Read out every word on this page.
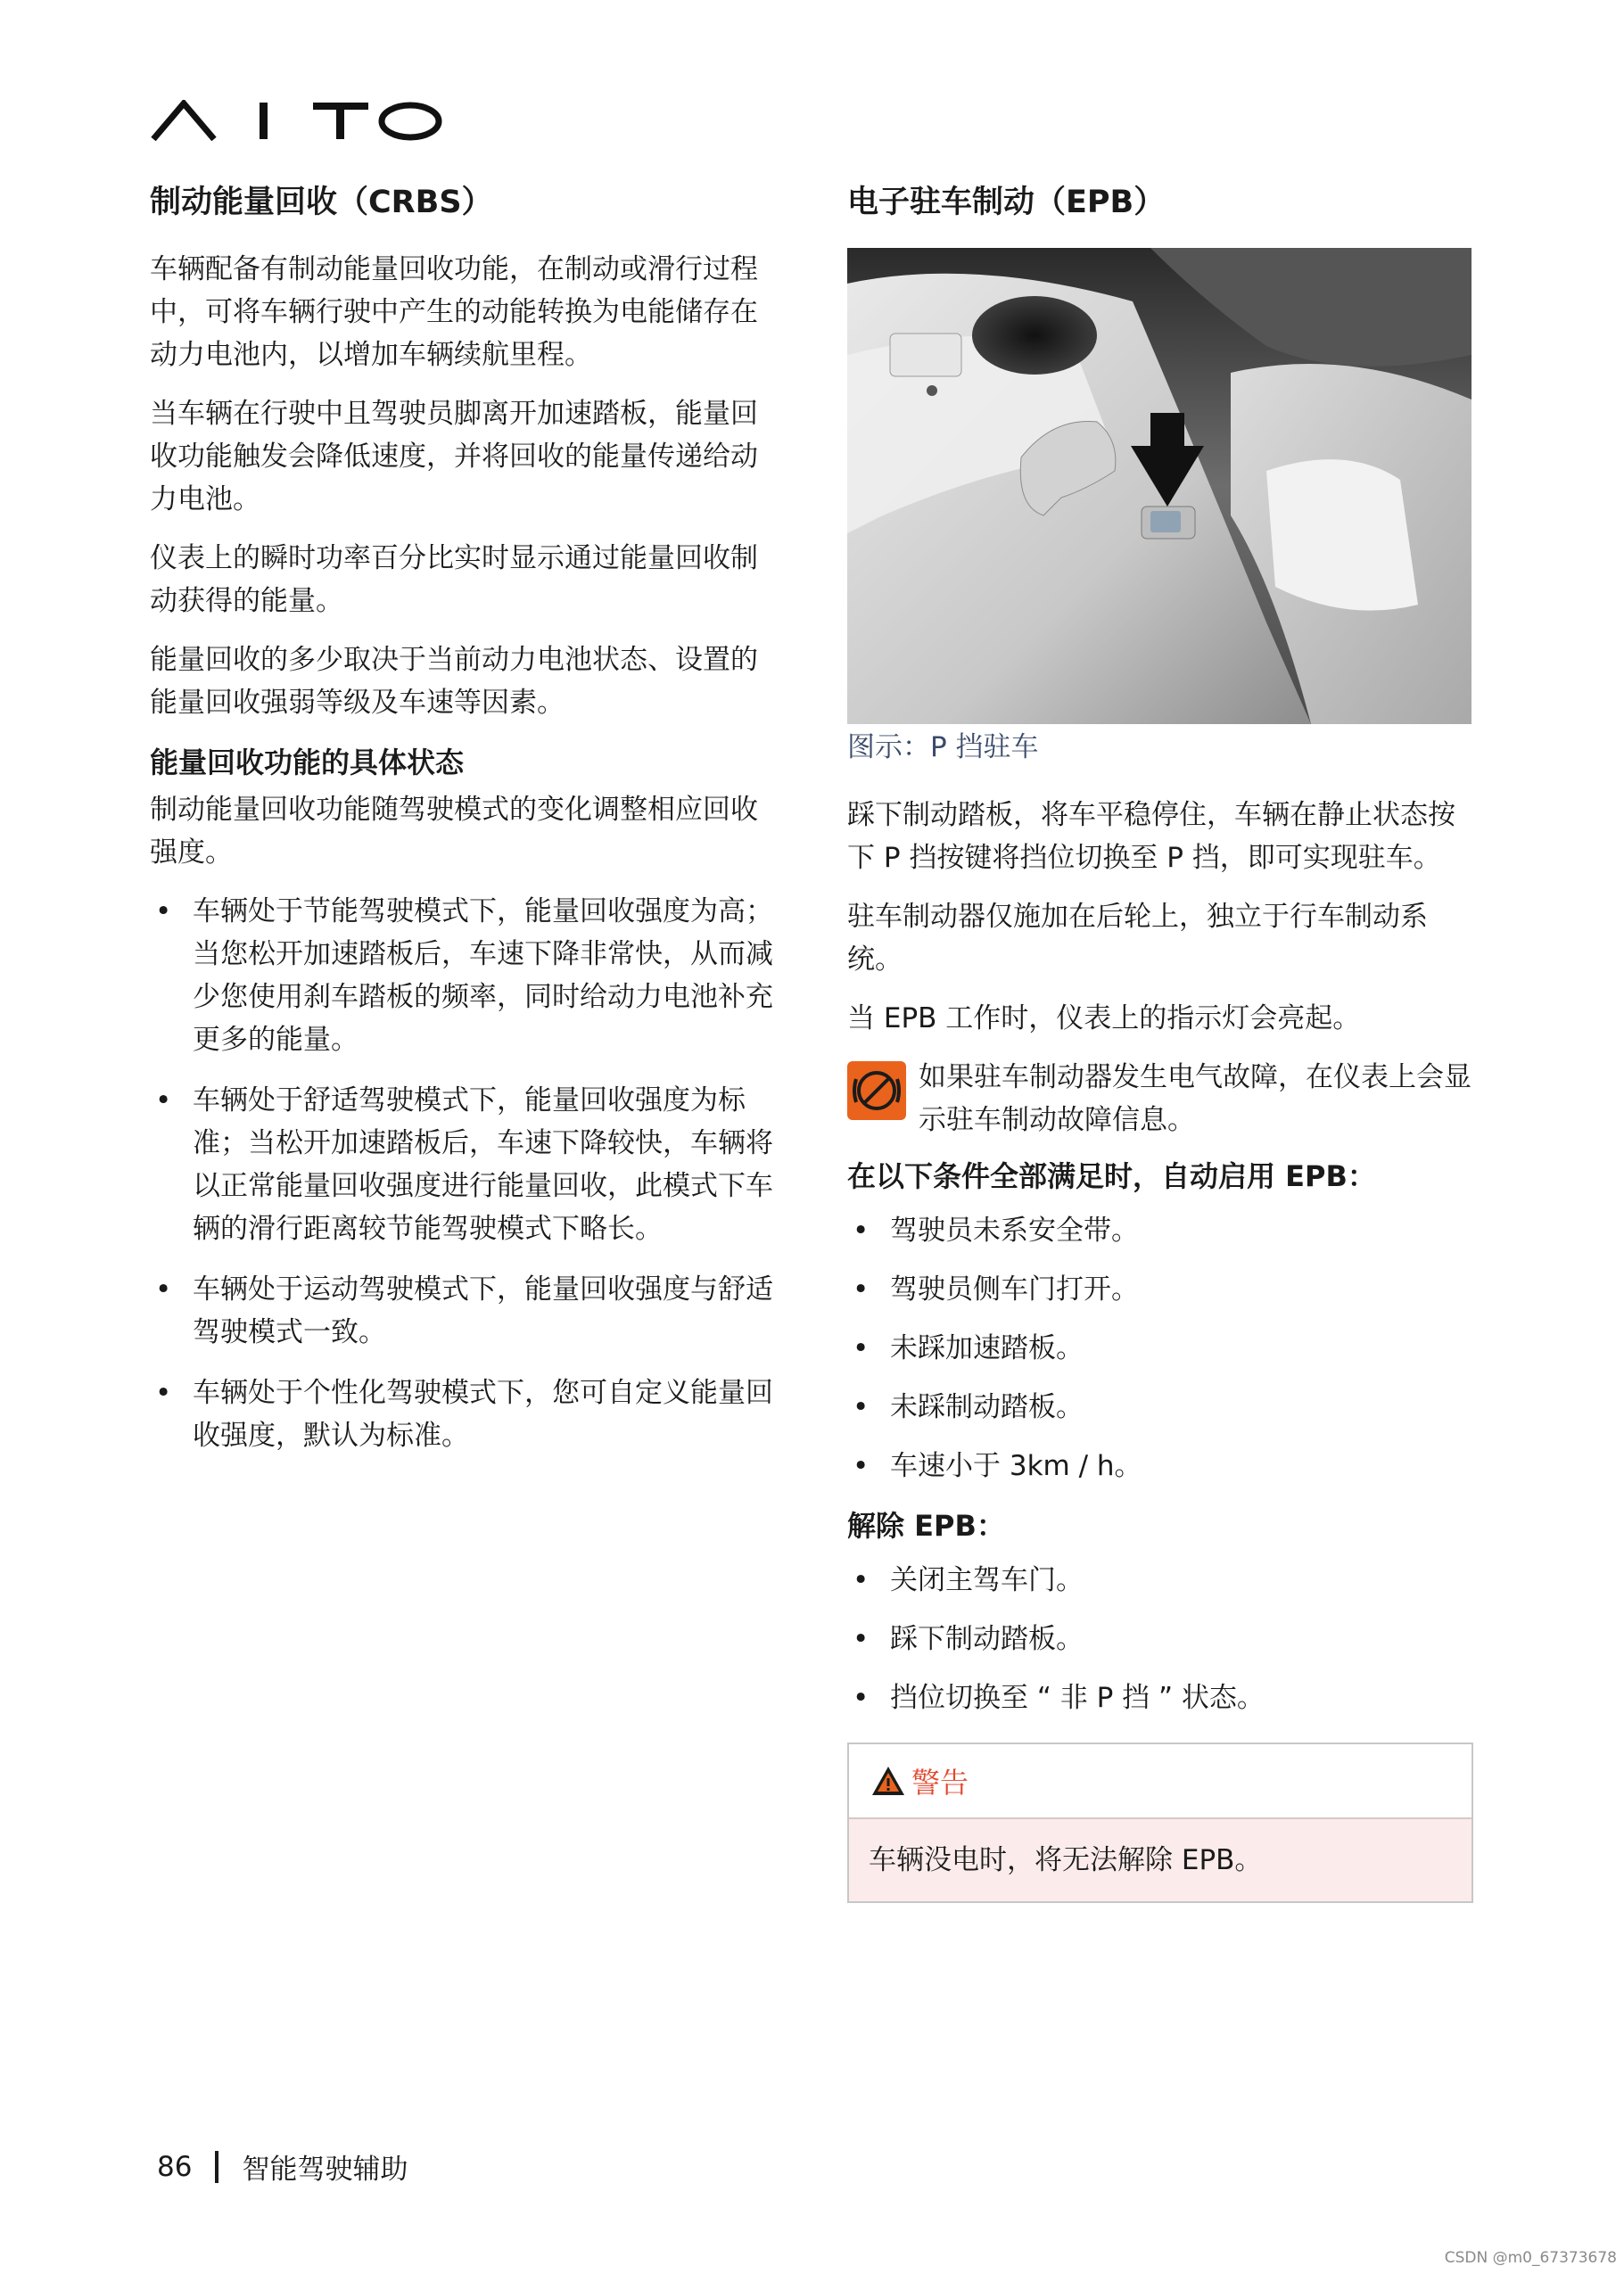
制动能量回收（CRBS）

车辆配备有制动能量回收功能，在制动或滑行过程中，可将车辆行驶中产生的动能转换为电能储存在动力电池内，以增加车辆续航里程。

当车辆在行驶中且驾驶员脚离开加速踏板，能量回收功能触发会降低速度，并将回收的能量传递给动力电池。

仪表上的瞬时功率百分比实时显示通过能量回收制动获得的能量。

能量回收的多少取决于当前动力电池状态、设置的能量回收强弱等级及车速等因素。

能量回收功能的具体状态

制动能量回收功能随驾驶模式的变化调整相应回收强度。

• 车辆处于节能驾驶模式下，能量回收强度为高；当您松开加速踏板后，车速下降非常快，从而减少您使用刹车踏板的频率，同时给动力电池补充更多的能量。
• 车辆处于舒适驾驶模式下，能量回收强度为标准；当松开加速踏板后，车速下降较快，车辆将以正常能量回收强度进行能量回收，此模式下车辆的滑行距离较节能驾驶模式下略长。
• 车辆处于运动驾驶模式下，能量回收强度与舒适驾驶模式一致。
• 车辆处于个性化驾驶模式下，您可自定义能量回收强度，默认为标准。
电子驻车制动（EPB）
图示：P 挡驻车

踩下制动踏板，将车平稳停住，车辆在静止状态按下 P 挡按键将挡位切换至 P 挡，即可实现驻车。

驻车制动器仅施加在后轮上，独立于行车制动系统。

当 EPB 工作时，仪表上的指示灯会亮起。

如果驻车制动器发生电气故障，在仪表上会显示驻车制动故障信息。

在以下条件全部满足时，自动启用 EPB：
• 驾驶员未系安全带。
• 驾驶员侧车门打开。
• 未踩加速踏板。
• 未踩制动踏板。
• 车速小于 3km / h。
解除 EPB：
• 关闭主驾车门。
• 踩下制动踏板。
• 挡位切换至 “ 非 P 挡 ” 状态。
警告
车辆没电时，将无法解除 EPB。
86 智能驾驶辅助
CSDN @m0_67373678
